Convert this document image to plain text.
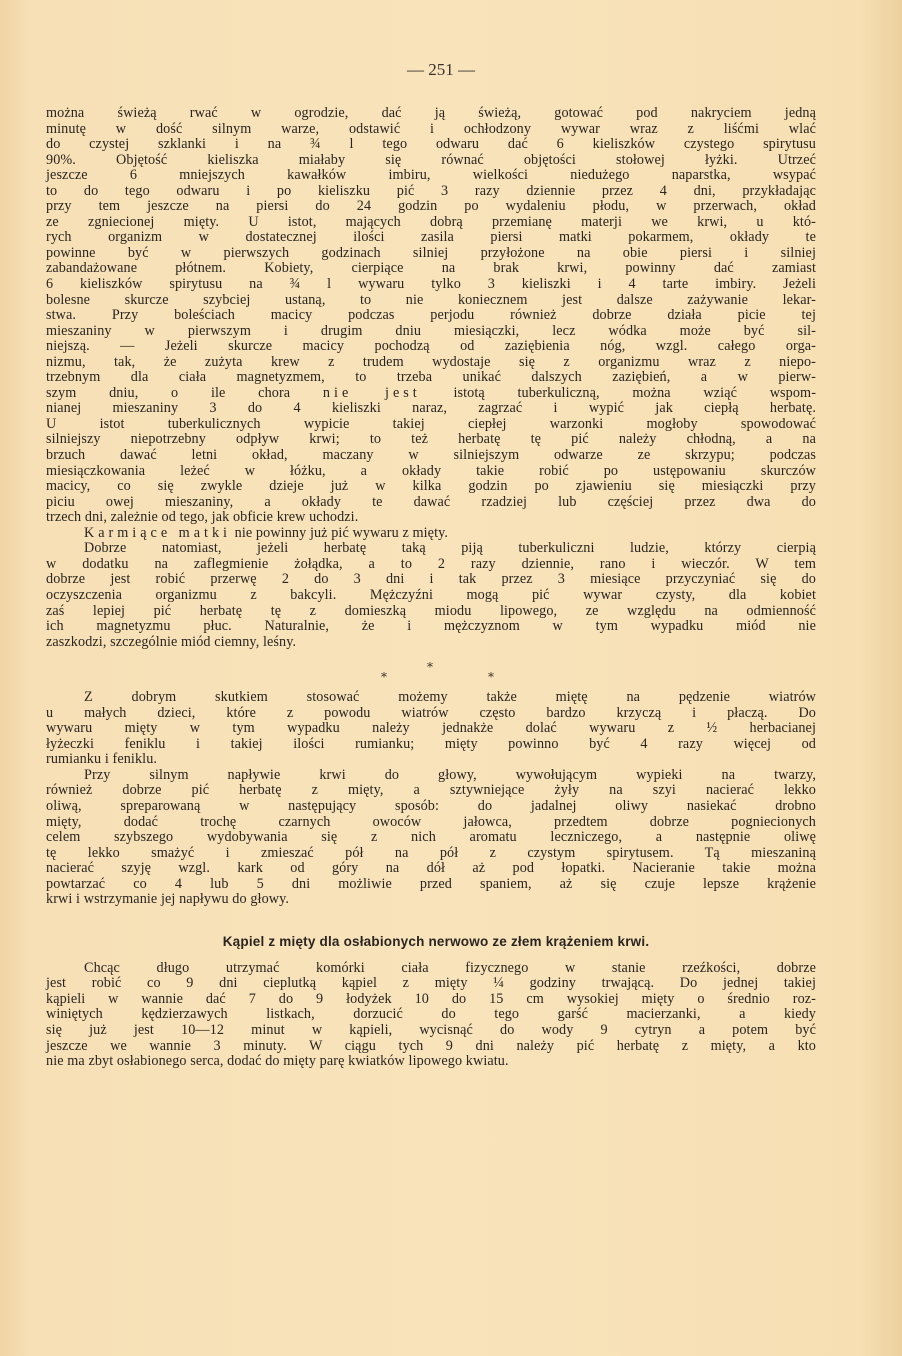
— 251 —
można świeżą rwać w ogrodzie, dać ją świeżą, gotować pod nakryciem jedną
minutę w dość silnym warze, odstawić i ochłodzony wywar wraz z liśćmi wlać
do czystej szklanki i na ¾ l tego odwaru dać 6 kieliszków czystego spirytusu
90%. Objętość kieliszka miałaby się równać objętości stołowej łyżki. Utrzeć
jeszcze 6 mniejszych kawałków imbiru, wielkości niedużego naparstka, wsypać
to do tego odwaru i po kieliszku pić 3 razy dziennie przez 4 dni, przykładając
przy tem jeszcze na piersi do 24 godzin po wydaleniu płodu, w przerwach, okład
ze zgniecionej mięty. U istot, mających dobrą przemianę materji we krwi, u któ-
rych organizm w dostatecznej ilości zasila piersi matki pokarmem, okłady te
powinne być w pierwszych godzinach silniej przyłożone na obie piersi i silniej
zabandażowane płótnem. Kobiety, cierpiące na brak krwi, powinny dać zamiast
6 kieliszków spirytusu na ¾ l wywaru tylko 3 kieliszki i 4 tarte imbiry. Jeżeli
bolesne skurcze szybciej ustaną, to nie koniecznem jest dalsze zażywanie lekar-
stwa. Przy boleściach macicy podczas perjodu również dobrze działa picie tej
mieszaniny w pierwszym i drugim dniu miesiączki, lecz wódka może być sil-
niejszą. — Jeżeli skurcze macicy pochodzą od zaziębienia nóg, wzgl. całego orga-
nizmu, tak, że zużyta krew z trudem wydostaje się z organizmu wraz z niepo-
trzebnym dla ciała magnetyzmem, to trzeba unikać dalszych zaziębień, a w pierw-
szym dniu, o ile chora nie jest istotą tuberkuliczną, można wziąć wspom-
nianej mieszaniny 3 do 4 kieliszki naraz, zagrzać i wypić jak ciepłą herbatę.
U istot tuberkulicznych wypicie takiej ciepłej warzonki mogłoby spowodować
silniejszy niepotrzebny odpływ krwi; to też herbatę tę pić należy chłodną, a na
brzuch dawać letni okład, maczany w silniejszym odwarze ze skrzypu; podczas
miesiączkowania leżeć w łóżku, a okłady takie robić po ustępowaniu skurczów
macicy, co się zwykle dzieje już w kilka godzin po zjawieniu się miesiączki przy
piciu owej mieszaniny, a okłady te dawać rzadziej lub częściej przez dwa do
trzech dni, zależnie od tego, jak obficie krew uchodzi.
Karmiące matki nie powinny już pić wywaru z mięty.
Dobrze natomiast, jeżeli herbatę taką piją tuberkuliczni ludzie, którzy cierpią
w dodatku na zaflegmienie żołądka, a to 2 razy dziennie, rano i wieczór. W tem
dobrze jest robić przerwę 2 do 3 dni i tak przez 3 miesiące przyczyniać się do
oczyszczenia organizmu z bakcyli. Mężczyźni mogą pić wywar czysty, dla kobiet
zaś lepiej pić herbatę tę z domieszką miodu lipowego, ze względu na odmienność
ich magnetyzmu płuc. Naturalnie, że i mężczyznom w tym wypadku miód nie
zaszkodzi, szczególnie miód ciemny, leśny.
*
*	*
Z dobrym skutkiem stosować możemy także miętę na pędzenie wiatrów
u małych dzieci, które z powodu wiatrów często bardzo krzyczą i płaczą. Do
wywaru mięty w tym wypadku należy jednakże dolać wywaru z ½ herbacianej
łyżeczki feniklu i takiej ilości rumianku; mięty powinno być 4 razy więcej od
rumianku i feniklu.
Przy silnym napływie krwi do głowy, wywołującym wypieki na twarzy,
również dobrze pić herbatę z mięty, a sztywniejące żyły na szyi nacierać lekko
oliwą, spreparowaną w następujący sposób: do jadalnej oliwy nasiekać drobno
mięty, dodać trochę czarnych owoców jałowca, przedtem dobrze pogniecionych
celem szybszego wydobywania się z nich aromatu leczniczego, a następnie oliwę
tę lekko smażyć i zmieszać pół na pół z czystym spirytusem. Tą mieszaniną
nacierać szyję wzgl. kark od góry na dół aż pod łopatki. Nacieranie takie można
powtarzać co 4 lub 5 dni możliwie przed spaniem, aż się czuje lepsze krążenie
krwi i wstrzymanie jej napływu do głowy.
Kąpiel z mięty dla osłabionych nerwowo ze złem krążeniem krwi.
Chcąc długo utrzymać komórki ciała fizycznego w stanie rzeźkości, dobrze
jest robić co 9 dni cieplutką kąpiel z mięty ¼ godziny trwającą. Do jednej takiej
kąpieli w wannie dać 7 do 9 łodyżek 10 do 15 cm wysokiej mięty o średnio roz-
winiętych kędzierzawych listkach, dorzucić do tego garść macierzanki, a kiedy
się już jest 10—12 minut w kąpieli, wycisnąć do wody 9 cytryn a potem być
jeszcze we wannie 3 minuty. W ciągu tych 9 dni należy pić herbatę z mięty, a kto
nie ma zbyt osłabionego serca, dodać do mięty parę kwiatków lipowego kwiatu.
